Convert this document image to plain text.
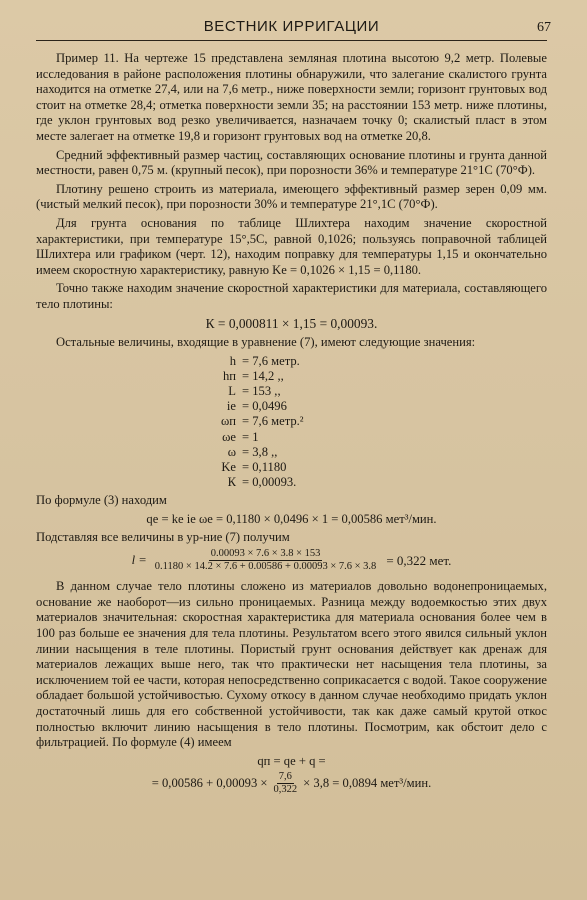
ВЕСТНИК ИРРИГАЦИИ	67

Пример 11. На чертеже 15 представлена земляная плотина высотою 9,2 метр. Полевые исследования в районе расположения плотины обнаружили, что залегание скалистого грунта находится на отметке 27,4, или на 7,6 метр., ниже поверхности земли; горизонт грунтовых вод стоит на отметке 28,4; отметка поверхности земли 35; на расстоянии 153 метр. ниже плотины, где уклон грунтовых вод резко увеличивается, назначаем точку 0; скалистый пласт в этом месте залегает на отметке 19,8 и горизонт грунтовых вод на отметке 20,8.

Средний эффективный размер частиц, составляющих основание плотины и грунта данной местности, равен 0,75 м. (крупный песок), при порозности 36% и температуре 21°1С (70°Ф).

Плотину решено строить из материала, имеющего эффективный размер зерен 0,09 мм. (чистый мелкий песок), при порозности 30% и температуре 21°,1С (70°Ф).

Для грунта основания по таблице Шлихтера находим значение скоростной характеристики, при температуре 15°,5С, равной 0,1026; пользуясь поправочной таблицей Шлихтера или графиком (черт. 12), находим поправку для температуры 1,15 и окончательно имеем скоростную характеристику, равную Kе = 0,1026 × 1,15 = 0,1180.

Точно также находим значение скоростной характеристики для материала, составляющего тело плотины:

К = 0,000811 × 1,15 = 0,00093.

Остальные величины, входящие в уравнение (7), имеют следующие значения:

h = 7,6 метр.
hп = 14,2 ,,
L = 153 ,,
iе = 0,0496
ωп = 7,6 метр.²
ωе = 1
ω = 3,8 ,,
Kе = 0,1180
К = 0,00093.

По формуле (3) находим

qе = kе iе ωе = 0,1180 × 0,0496 × 1 = 0,00586 мет³/мин.

Подставляя все величины в ур-ние (7) получим

$l = \frac{0.00093 \times 7.6 \times 3.8 \times 153}{0.1180 \times 14.2 \times 7.6 + 0.00586 + 0.00093 \times 7.6 \times 3.8} = 0,322$ мет.

В данном случае тело плотины сложено из материалов довольно водонепроницаемых, основание же наоборот—из сильно проницаемых. Разница между водоемкостью этих двух материалов значительная: скоростная характеристика для материала основания более чем в 100 раз больше ее значения для тела плотины. Результатом всего этого явился сильный уклон линии насыщения в теле плотины. Пористый грунт основания действует как дренаж для материалов лежащих выше него, так что практически нет насыщения тела плотины, за исключением той ее части, которая непосредственно соприкасается с водой. Такое сооружение обладает большой устойчивостью. Сухому откосу в данном случае необходимо придать уклон достаточный лишь для его собственной устойчивости, так как даже самый крутой откос полностью включит линию насыщения в тело плотины. Посмотрим, как обстоит дело с фильтрацией. По формуле (4) имеем

qп = qе + q =
= $0,00586 + 0,00093 \times \frac{7,6}{0,322} \times 3,8 = 0,0894$ мет³/мин.
